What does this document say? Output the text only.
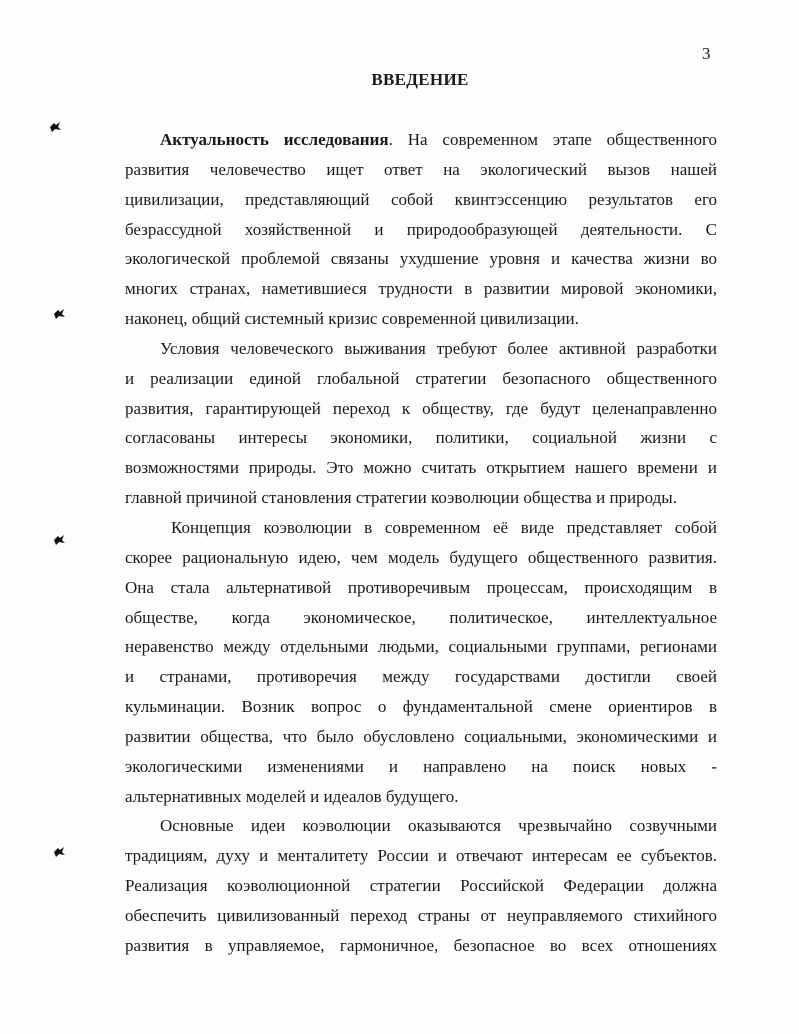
3
ВВЕДЕНИЕ
Актуальность исследования. На современном этапе общественного
развития человечество ищет ответ на экологический вызов нашей
цивилизации, представляющий собой квинтэссенцию результатов его
безрассудной хозяйственной и природообразующей деятельности. С
экологической проблемой связаны ухудшение уровня и качества жизни во
многих странах, наметившиеся трудности в развитии мировой экономики,
наконец, общий системный кризис современной цивилизации.
Условия человеческого выживания требуют более активной разработки
и реализации единой глобальной стратегии безопасного общественного
развития, гарантирующей переход к обществу, где будут целенаправленно
согласованы интересы экономики, политики, социальной жизни с
возможностями природы. Это можно считать открытием нашего времени и
главной причиной становления стратегии коэволюции общества и природы.
Концепция коэволюции в современном её виде представляет собой
скорее рациональную идею, чем модель будущего общественного развития.
Она стала альтернативой противоречивым процессам, происходящим в
обществе, когда экономическое, политическое, интеллектуальное
неравенство между отдельными людьми, социальными группами, регионами
и странами, противоречия между государствами достигли своей
кульминации. Возник вопрос о фундаментальной смене ориентиров в
развитии общества, что было обусловлено социальными, экономическими и
экологическими изменениями и направлено на поиск новых -
альтернативных моделей и идеалов будущего.
Основные идеи коэволюции оказываются чрезвычайно созвучными
традициям, духу и менталитету России и отвечают интересам ее субъектов.
Реализация коэволюционной стратегии Российской Федерации должна
обеспечить цивилизованный переход страны от неуправляемого стихийного
развития в управляемое, гармоничное, безопасное во всех отношениях
